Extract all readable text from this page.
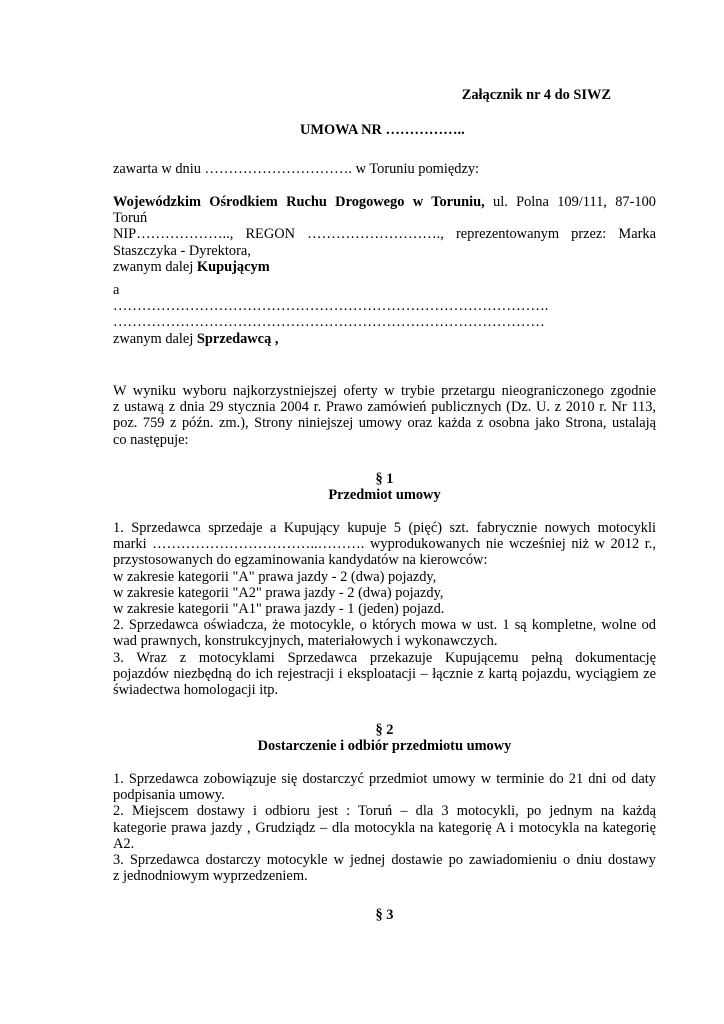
Załącznik nr 4 do SIWZ
UMOWA NR ……………..
zawarta w dniu …………………………. w Toruniu pomiędzy:
Wojewódzkim Ośrodkiem Ruchu Drogowego w Toruniu, ul. Polna 109/111, 87-100
Toruń
NIP……………….., REGON ………………………., reprezentowanym przez: Marka
Staszczyka - Dyrektora,
zwanym dalej Kupującym
a
……………………………………………………………………………….
………………………………………………………………………………
zwanym dalej Sprzedawcą ,
W wyniku wyboru najkorzystniejszej oferty w trybie przetargu nieograniczonego zgodnie
z ustawą z dnia 29 stycznia 2004 r. Prawo zamówień publicznych (Dz. U. z 2010 r. Nr 113,
poz. 759 z późn. zm.), Strony niniejszej umowy oraz każda z osobna jako Strona, ustalają
co następuje:
§ 1
Przedmiot umowy
1. Sprzedawca sprzedaje a Kupujący kupuje 5 (pięć) szt. fabrycznie nowych motocykli
marki ……………………………..………. wyprodukowanych nie wcześniej niż w 2012 r.,
przystosowanych do egzaminowania kandydatów na kierowców:
w zakresie kategorii "A" prawa jazdy - 2 (dwa) pojazdy,
w zakresie kategorii "A2" prawa jazdy - 2 (dwa) pojazdy,
w zakresie kategorii "A1" prawa jazdy - 1 (jeden) pojazd.
2. Sprzedawca oświadcza, że motocykle, o których mowa w ust. 1 są kompletne, wolne od
wad prawnych, konstrukcyjnych, materiałowych i wykonawczych.
3. Wraz z motocyklami Sprzedawca przekazuje Kupującemu pełną dokumentację
pojazdów niezbędną do ich rejestracji i eksploatacji – łącznie z kartą pojazdu, wyciągiem ze
świadectwa homologacji itp.
§ 2
Dostarczenie i odbiór przedmiotu umowy
1. Sprzedawca zobowiązuje się dostarczyć przedmiot umowy w terminie do 21 dni od daty
podpisania umowy.
2. Miejscem dostawy i odbioru jest : Toruń – dla 3 motocykli, po jednym na każdą
kategorie prawa jazdy , Grudziądz – dla motocykla na kategorię A i motocykla na kategorię
A2.
3. Sprzedawca dostarczy motocykle w jednej dostawie po zawiadomieniu o dniu dostawy
z jednodniowym wyprzedzeniem.
§ 3
